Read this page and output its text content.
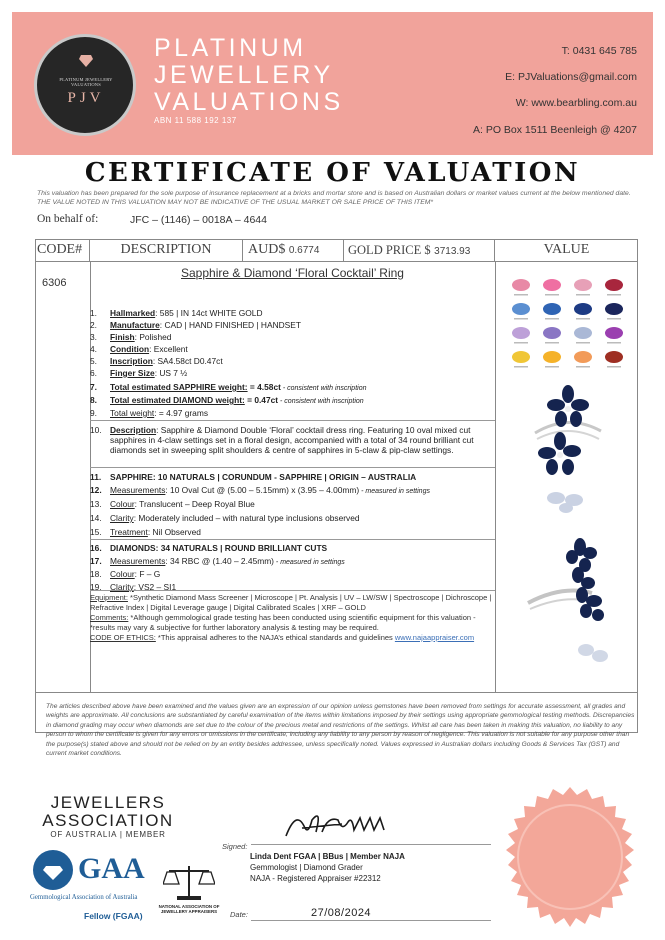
PLATINUM JEWELLERY VALUATIONS
PJV
PLATINUM
JEWELLERY
VALUATIONS
ABN 11 588 192 137
T: 0431 645 785
E: PJValuations@gmail.com
W: www.bearbling.com.au
A: PO Box 1511 Beenleigh @ 4207
CERTIFICATE OF VALUATION
This valuation has been prepared for the sole purpose of insurance replacement at a bricks and mortar store and is based on Australian dollars or market values current at the below mentioned date.
THE VALUE NOTED IN THIS VALUATION MAY NOT BE INDICATIVE OF THE USUAL MARKET OR SALE PRICE OF THIS ITEM*
On behalf of:	JFC – (1146) – 0018A – 4644
CODE#	DESCRIPTION	AUD$ 0.6774	GOLD PRICE $ 3713.93	VALUE
6306
Sapphire & Diamond ‘Floral Cocktail’ Ring
1. Hallmarked: 585 | IN 14ct WHITE GOLD
2. Manufacture: CAD | HAND FINISHED | HANDSET
3. Finish: Polished
4. Condition: Excellent
5. Inscription: SA4.58ct D0.47ct
6. Finger Size: US 7 ½
7. Total estimated SAPPHIRE weight: = 4.58ct - consistent with inscription
8. Total estimated DIAMOND weight: = 0.47ct - consistent with inscription
9. Total weight: = 4.97 grams
10. Description: Sapphire & Diamond Double ‘Floral’ cocktail dress ring. Featuring 10 oval mixed cut sapphires in 4-claw settings set in a floral design, accompanied with a total of 34 round brilliant cut diamonds set in sweeping split shoulders & centre of sapphires in 5-claw & pip-claw settings.
11. SAPPHIRE: 10 NATURALS | CORUNDUM - SAPPHIRE | ORIGIN – AUSTRALIA
12. Measurements: 10 Oval Cut @ (5.00 – 5.15mm) x (3.95 – 4.00mm) - measured in settings
13. Colour: Translucent – Deep Royal Blue
14. Clarity: Moderately included – with natural type inclusions observed
15. Treatment: Nil Observed
16. DIAMONDS: 34 NATURALS | ROUND BRILLIANT CUTS
17. Measurements: 34 RBC @ (1.40 – 2.45mm) - measured in settings
18. Colour: F – G
19. Clarity: VS2 – SI1
Equipment: *Synthetic Diamond Mass Screener | Microscope | Pt. Analysis | UV – LW/SW | Spectroscope | Dichroscope | Refractive Index | Digital Leverage gauge | Digital Calibrated Scales | XRF – GOLD
Comments: *Although gemmological grade testing has been conducted using scientific equipment for this valuation - *results may vary & subjective for further laboratory analysis & testing may be required.
CODE OF ETHICS: *This appraisal adheres to the NAJA’s ethical standards and guidelines www.najaappraiser.com
The articles described above have been examined and the values given are an expression of our opinion unless gemstones have been removed from settings for accurate assessment, all grades and weights are approximate. All conclusions are substantiated by careful examination of the items within limitations imposed by their settings using appropriate gemmological testing methods. Discrepancies in diamond grading may occur when diamonds are set due to the colour of the precious metal and restrictions of the settings. Whilst all care has been taken in making this valuation, no liability to any person to whom the certificate is given for any errors or omissions in the certificate, including any liability to any person by reason of negligence. This valuation is not suitable for any purpose other than the purpose(s) stated above and should not be relied on by an entity besides addressee, unless specifically noted. Values expressed in Australian dollars including Goods & Services Tax (GST) and current market conditions.
JEWELLERS
ASSOCIATION
OF AUSTRALIA | MEMBER
GAA
Gemmological Association of Australia
Fellow (FGAA)
NATIONAL ASSOCIATION OF JEWELLERY APPRAISERS
Signed:
Linda Dent FGAA | BBus | Member NAJA
Gemmologist | Diamond Grader
NAJA - Registered Appraiser #22312
Date:	27/08/2024
